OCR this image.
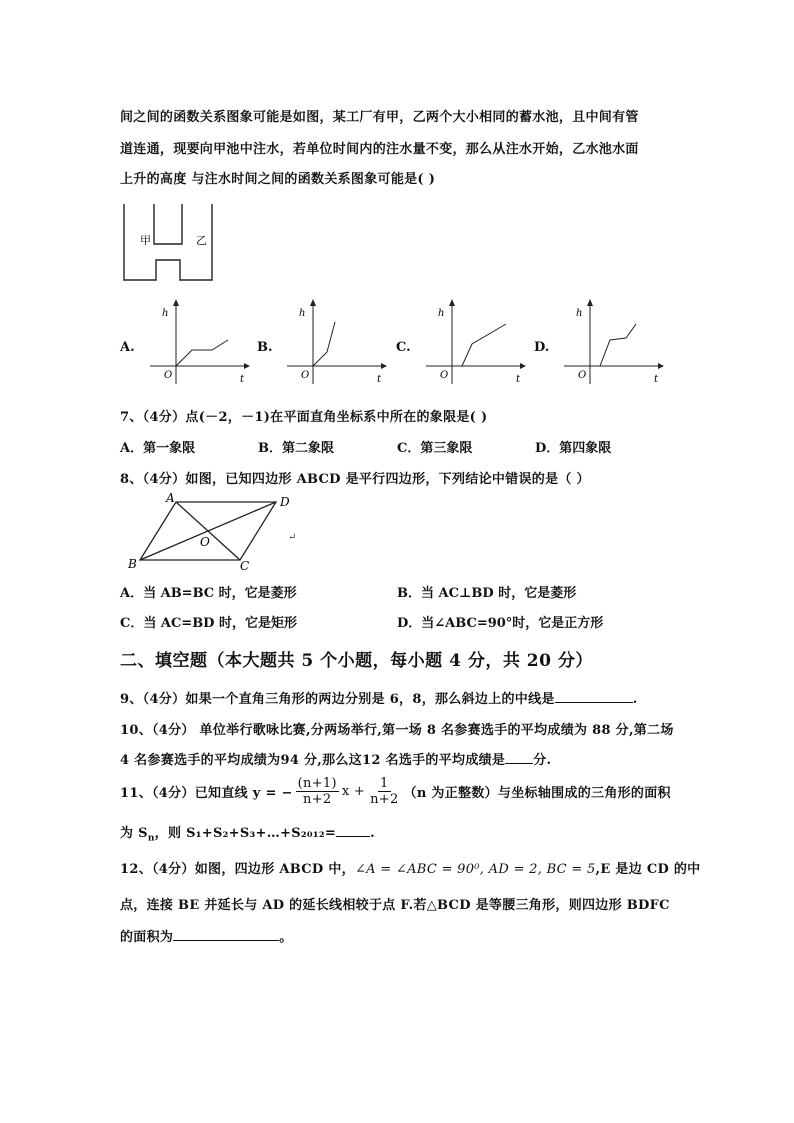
间之间的函数关系图象可能是如图，某工厂有甲，乙两个大小相同的蓄水池，且中间有管
道连通，现要向甲池中注水，若单位时间内的注水量不变，那么从注水开始，乙水池水面
上升的高度 与注水时间之间的函数关系图象可能是( )
甲	乙
A.
h
O	t
B.
h
O	t
C.
h
O	t
D.
h
O	t
7、（4分）点(－2，－1)在平面直角坐标系中所在的象限是( )
A．第一象限	B．第二象限	C．第三象限	D．第四象限
8、（4分）如图，已知四边形 ABCD 是平行四边形，下列结论中错误的是（ ）
A	D
B	C
O	↵
A．当 AB=BC 时，它是菱形	B．当 AC⊥BD 时，它是菱形
C．当 AC=BD 时，它是矩形	D．当∠ABC=90°时，它是正方形
二、填空题（本大题共 5 个小题，每小题 4 分，共 20 分）
9、（4分）如果一个直角三角形的两边分别是 6，8，那么斜边上的中线是	.
10、（4分） 单位举行歌咏比赛,分两场举行,第一场 8 名参赛选手的平均成绩为 88 分,第二场
4 名参赛选手的平均成绩为94 分,那么这12 名选手的平均成绩是 分.
11、（4分）已知直线 y = − $\frac{(n+1)}{n+2}$ $x + \frac{1}{n+2} (n$ 为正整数）与坐标轴围成的三角形的面积
为 $S_n$，则 S₁+S₂+S₃+…+S₂₀₁₂=	.
12、（4分）如图，四边形 ABCD 中，∠A = ∠ABC = 90⁰, AD = 2, BC = 5,E 是边 CD 的中
点，连接 BE 并延长与 AD 的延长线相较于点 F.若△BCD 是等腰三角形，则四边形 BDFC
的面积为	。
